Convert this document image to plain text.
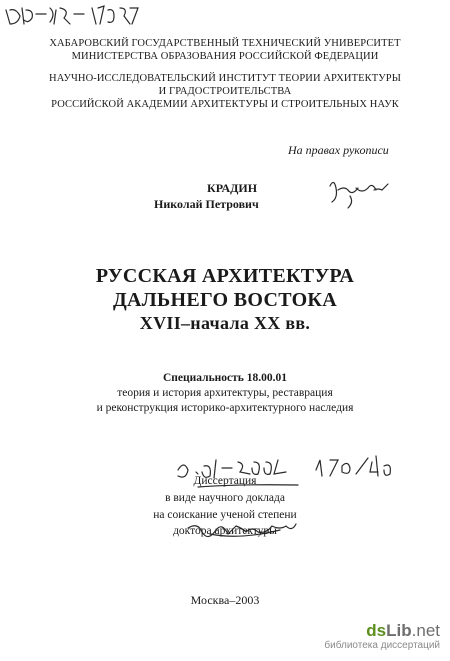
ХАБАРОВСКИЙ ГОСУДАРСТВЕННЫЙ ТЕХНИЧЕСКИЙ УНИВЕРСИТЕТ
МИНИСТЕРСТВА ОБРАЗОВАНИЯ РОССИЙСКОЙ ФЕДЕРАЦИИ
НАУЧНО-ИССЛЕДОВАТЕЛЬСКИЙ ИНСТИТУТ ТЕОРИИ АРХИТЕКТУРЫ
И ГРАДОСТРОИТЕЛЬСТВА
РОССИЙСКОЙ АКАДЕМИИ АРХИТЕКТУРЫ И СТРОИТЕЛЬНЫХ НАУК
На правах рукописи
КРАДИН
Николай Петрович
РУССКАЯ АРХИТЕКТУРА
ДАЛЬНЕГО ВОСТОКА
XVII–начала XX вв.
Специальность 18.00.01
теория и история архитектуры, реставрация
и реконструкция историко-архитектурного наследия
Диссертация
в виде научного доклада
на соискание ученой степени
доктора архитектуры
Москва–2003
dsLib.net
библиотека диссертаций
